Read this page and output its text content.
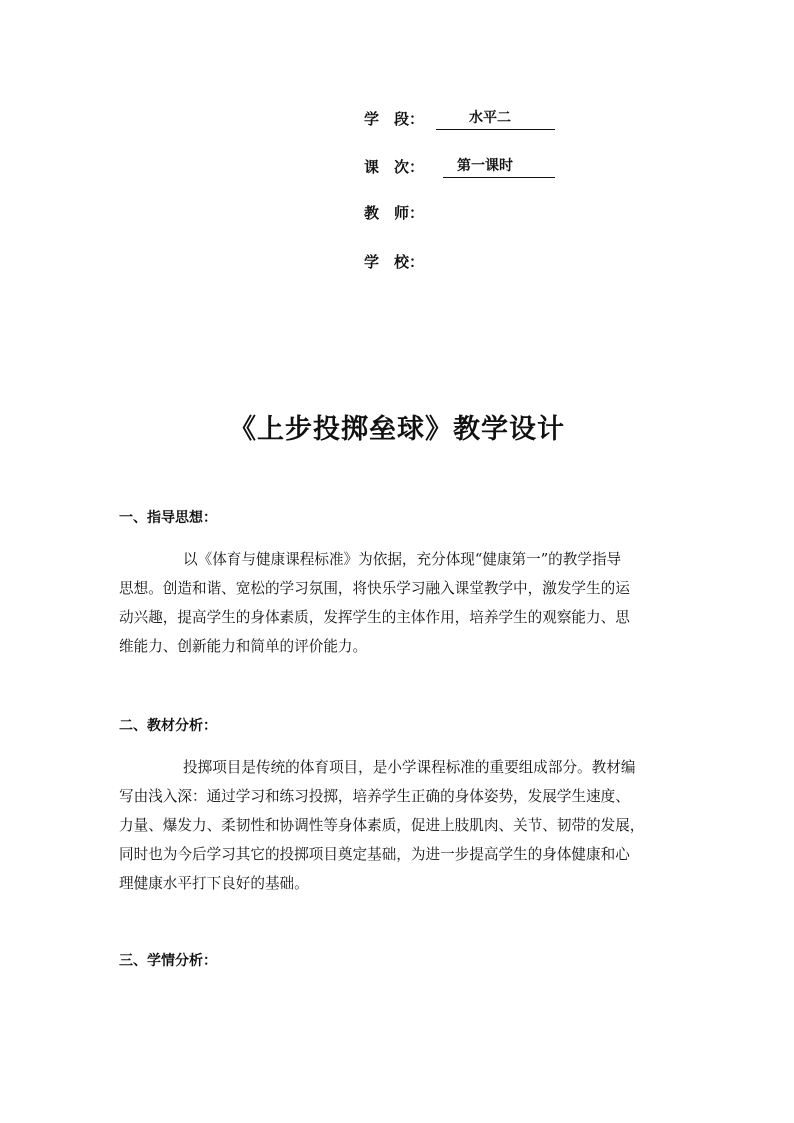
学　段：	水平二
课　次：	第一课时
教　师：
学　校：
《上步投掷垒球》教学设计
一、指导思想：
以《体育与健康课程标准》为依据，充分体现“健康第一”的教学指导
思想。创造和谐、宽松的学习氛围，将快乐学习融入课堂教学中，激发学生的运
动兴趣，提高学生的身体素质，发挥学生的主体作用，培养学生的观察能力、思
维能力、创新能力和简单的评价能力。
二、教材分析：
投掷项目是传统的体育项目，是小学课程标准的重要组成部分。教材编
写由浅入深：通过学习和练习投掷，培养学生正确的身体姿势，发展学生速度、
力量、爆发力、柔韧性和协调性等身体素质，促进上肢肌肉、关节、韧带的发展，
同时也为今后学习其它的投掷项目奠定基础，为进一步提高学生的身体健康和心
理健康水平打下良好的基础。
三、学情分析：
